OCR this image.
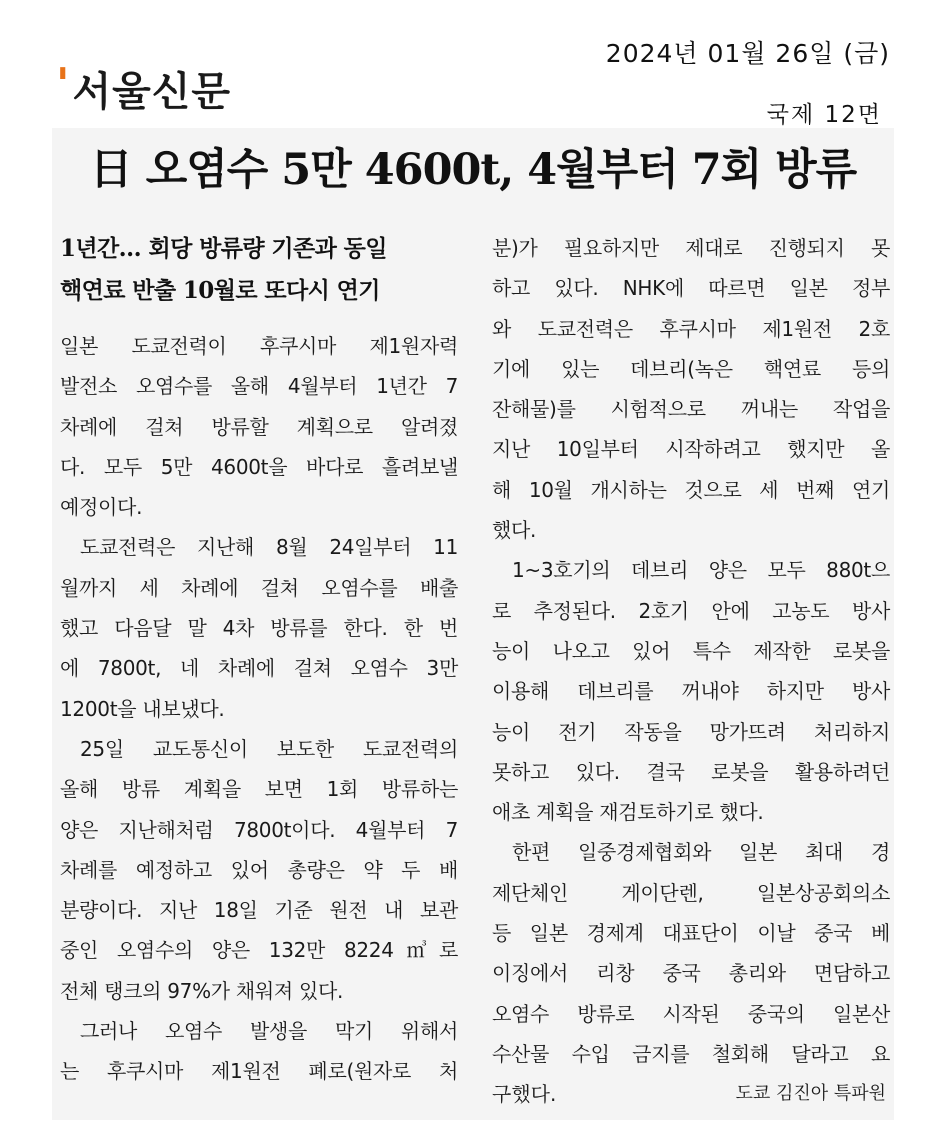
2024년 01월 26일 (금)
'서울신문	국제 12면
日 오염수 5만 4600t, 4월부터 7회 방류
1년간… 회당 방류량 기존과 동일
핵연료 반출 10월로 또다시 연기
일본 도쿄전력이 후쿠시마 제1원자력
발전소 오염수를 올해 4월부터 1년간 7
차례에 걸쳐 방류할 계획으로 알려졌
다. 모두 5만 4600t을 바다로 흘려보낼
예정이다.
도쿄전력은 지난해 8월 24일부터 11
월까지 세 차례에 걸쳐 오염수를 배출
했고 다음달 말 4차 방류를 한다. 한 번
에 7800t, 네 차례에 걸쳐 오염수 3만
1200t을 내보냈다.
25일 교도통신이 보도한 도쿄전력의
올해 방류 계획을 보면 1회 방류하는
양은 지난해처럼 7800t이다. 4월부터 7
차례를 예정하고 있어 총량은 약 두 배
분량이다. 지난 18일 기준 원전 내 보관
중인 오염수의 양은 132만 8224㎥로
전체 탱크의 97%가 채워져 있다.
그러나 오염수 발생을 막기 위해서
는 후쿠시마 제1원전 폐로(원자로 처
분)가 필요하지만 제대로 진행되지 못
하고 있다. NHK에 따르면 일본 정부
와 도쿄전력은 후쿠시마 제1원전 2호
기에 있는 데브리(녹은 핵연료 등의
잔해물)를 시험적으로 꺼내는 작업을
지난 10일부터 시작하려고 했지만 올
해 10월 개시하는 것으로 세 번째 연기
했다.
1~3호기의 데브리 양은 모두 880t으
로 추정된다. 2호기 안에 고농도 방사
능이 나오고 있어 특수 제작한 로봇을
이용해 데브리를 꺼내야 하지만 방사
능이 전기 작동을 망가뜨려 처리하지
못하고 있다. 결국 로봇을 활용하려던
애초 계획을 재검토하기로 했다.
한편 일중경제협회와 일본 최대 경
제단체인 게이단렌, 일본상공회의소
등 일본 경제계 대표단이 이날 중국 베
이징에서 리창 중국 총리와 면담하고
오염수 방류로 시작된 중국의 일본산
수산물 수입 금지를 철회해 달라고 요
구했다.	도쿄 김진아 특파원
